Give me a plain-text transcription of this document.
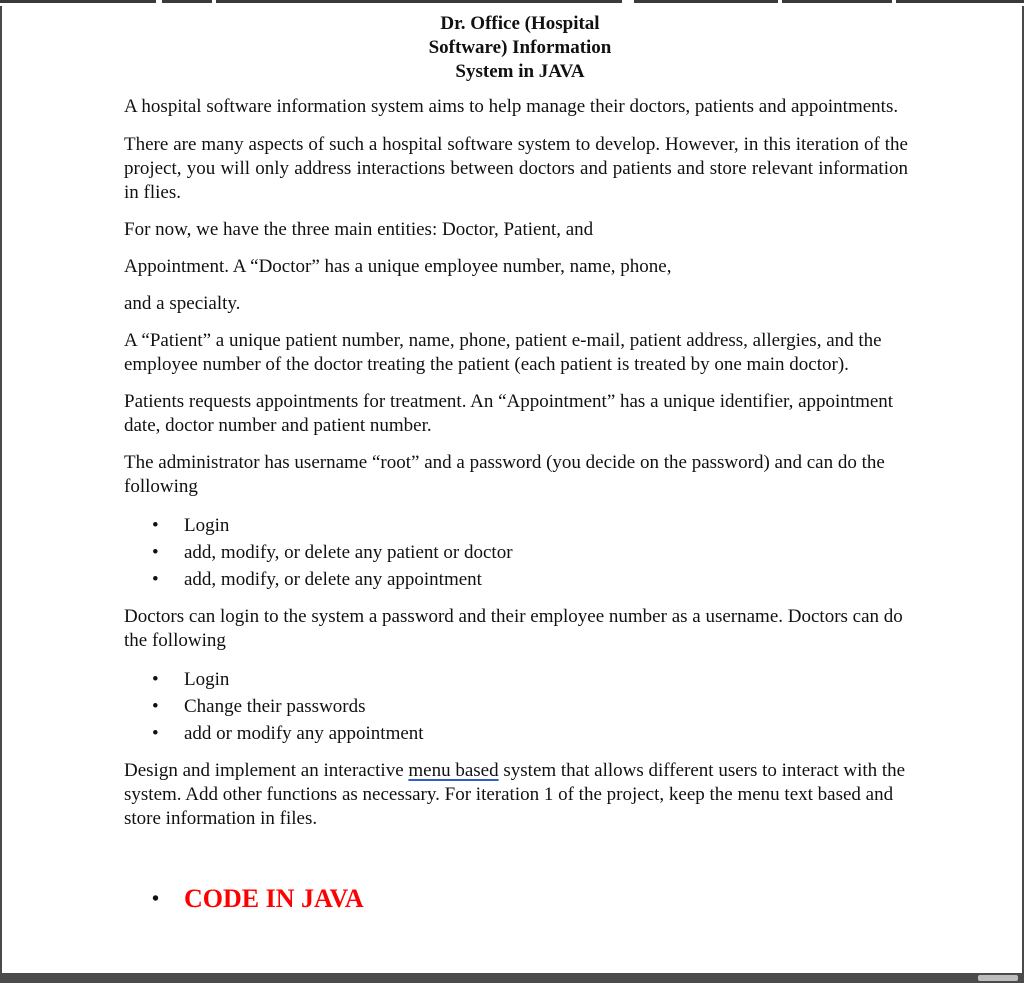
Dr. Office (Hospital
Software) Information
System in JAVA

A hospital software information system aims to help manage their doctors, patients and appointments.

There are many aspects of such a hospital software system to develop. However, in this iteration of the project, you will only address interactions between doctors and patients and store relevant information in flies.

For now, we have the three main entities: Doctor, Patient, and

Appointment. A “Doctor” has a unique employee number, name, phone,

and a specialty.

A “Patient” a unique patient number, name, phone, patient e-mail, patient address, allergies, and the employee number of the doctor treating the patient (each patient is treated by one main doctor).

Patients requests appointments for treatment. An “Appointment” has a unique identifier, appointment date, doctor number and patient number.

The administrator has username “root” and a password (you decide on the password) and can do the following

• Login
• add, modify, or delete any patient or doctor
• add, modify, or delete any appointment

Doctors can login to the system a password and their employee number as a username. Doctors can do the following

• Login
• Change their passwords
• add or modify any appointment

Design and implement an interactive menu based system that allows different users to interact with the system. Add other functions as necessary. For iteration 1 of the project, keep the menu text based and store information in files.

• CODE IN JAVA
